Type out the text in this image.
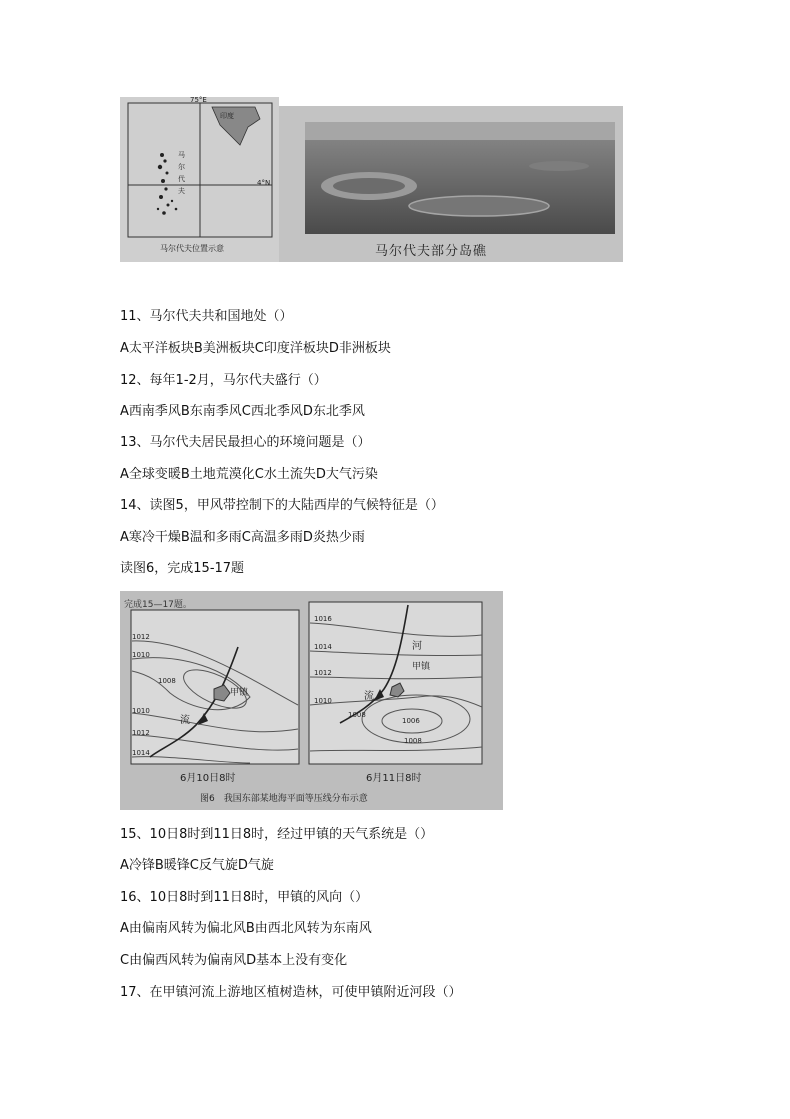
75°E
4°N
印度
马尔代夫
马尔代夫位置示意	马尔代夫部分岛礁
11、马尔代夫共和国地处（）
A太平洋板块B美洲板块C印度洋板块D非洲板块
12、每年1-2月，马尔代夫盛行（）
A西南季风B东南季风C西北季风D东北季风
13、马尔代夫居民最担心的环境问题是（）
A全球变暖B土地荒漠化C水土流失D大气污染
14、读图5，甲风带控制下的大陆西岸的气候特征是（）
A寒冷干燥B温和多雨C高温多雨D炎热少雨
读图6，完成15-17题
完成15—17题。
1012
1010
1008
1010
1012
1014
甲镇
流
6月10日8时
1016
1014
1012
1010
1008
1006
1008
河
流
甲镇
6月11日8时
图6　我国东部某地海平面等压线分布示意
15、10日8时到11日8时，经过甲镇的天气系统是（）
A冷锋B暖锋C反气旋D气旋
16、10日8时到11日8时，甲镇的风向（）
A由偏南风转为偏北风B由西北风转为东南风
C由偏西风转为偏南风D基本上没有变化
17、在甲镇河流上游地区植树造林，可使甲镇附近河段（）
